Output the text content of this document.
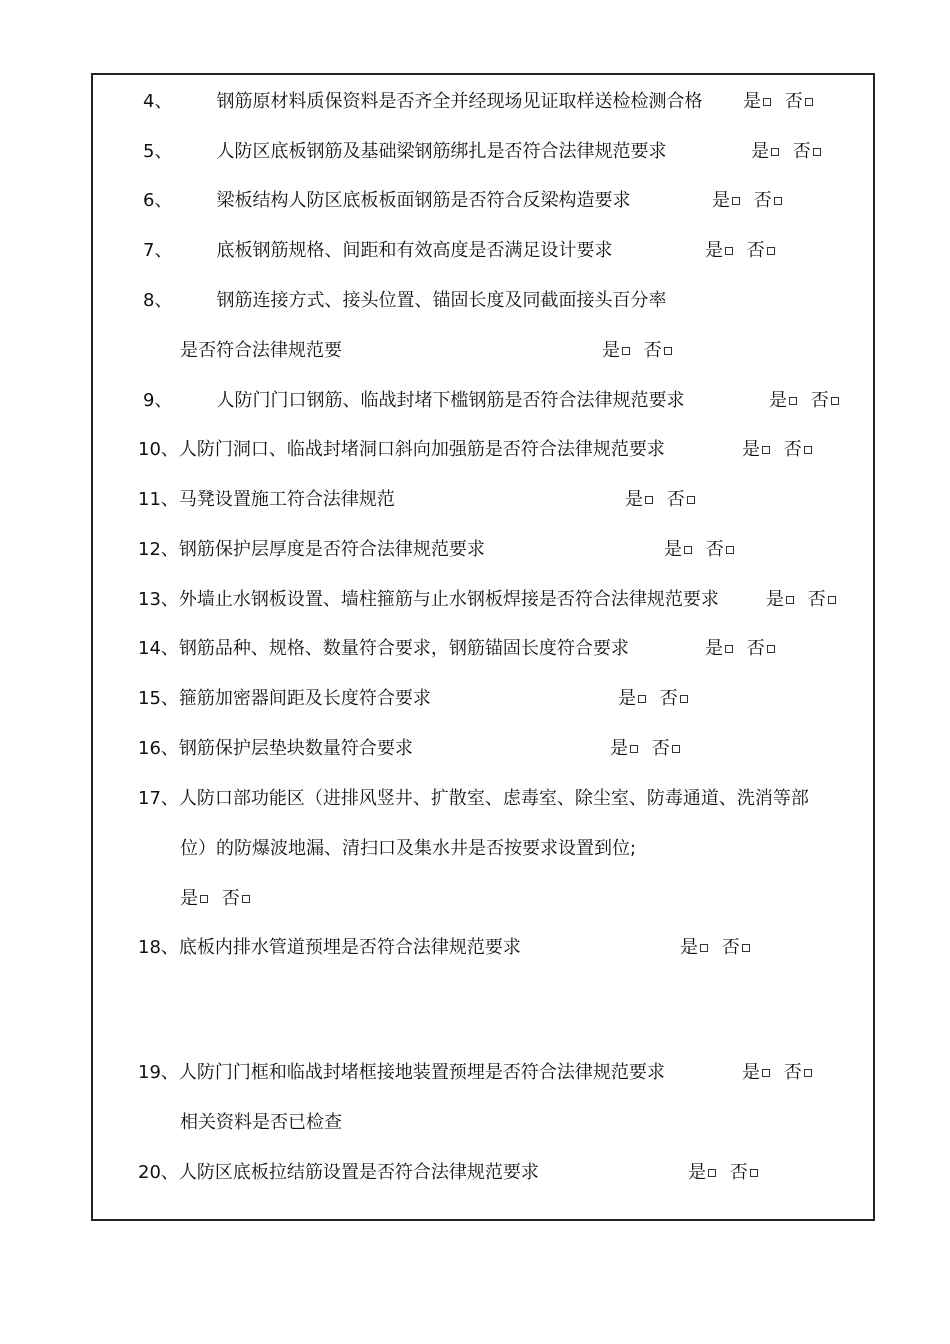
4、 钢筋原材料质保资料是否齐全并经现场见证取样送检检测合格 是 否
5、 人防区底板钢筋及基础梁钢筋绑扎是否符合法律规范要求	是 否
6、 梁板结构人防区底板板面钢筋是否符合反梁构造要求	是 否
7、 底板钢筋规格、间距和有效高度是否满足设计要求	是 否
8、 钢筋连接方式、接头位置、锚固长度及同截面接头百分率
是否符合法律规范要	是 否
9、 人防门门口钢筋、临战封堵下槛钢筋是否符合法律规范要求	是 否
10、人防门洞口、临战封堵洞口斜向加强筋是否符合法律规范要求	是 否
11、马凳设置施工符合法律规范	是 否
12、钢筋保护层厚度是否符合法律规范要求	是 否
13、外墙止水钢板设置、墙柱箍筋与止水钢板焊接是否符合法律规范要求	是 否
14、钢筋品种、规格、数量符合要求，钢筋锚固长度符合要求	是 否
15、箍筋加密器间距及长度符合要求	是 否
16、钢筋保护层垫块数量符合要求	是 否
17、人防口部功能区（进排风竖井、扩散室、虑毒室、除尘室、防毒通道、洗消等部
位）的防爆波地漏、清扫口及集水井是否按要求设置到位;
是 否
18、底板内排水管道预埋是否符合法律规范要求	是 否
19、人防门门框和临战封堵框接地装置预埋是否符合法律规范要求	是 否
相关资料是否已检查
20、人防区底板拉结筋设置是否符合法律规范要求	是 否
